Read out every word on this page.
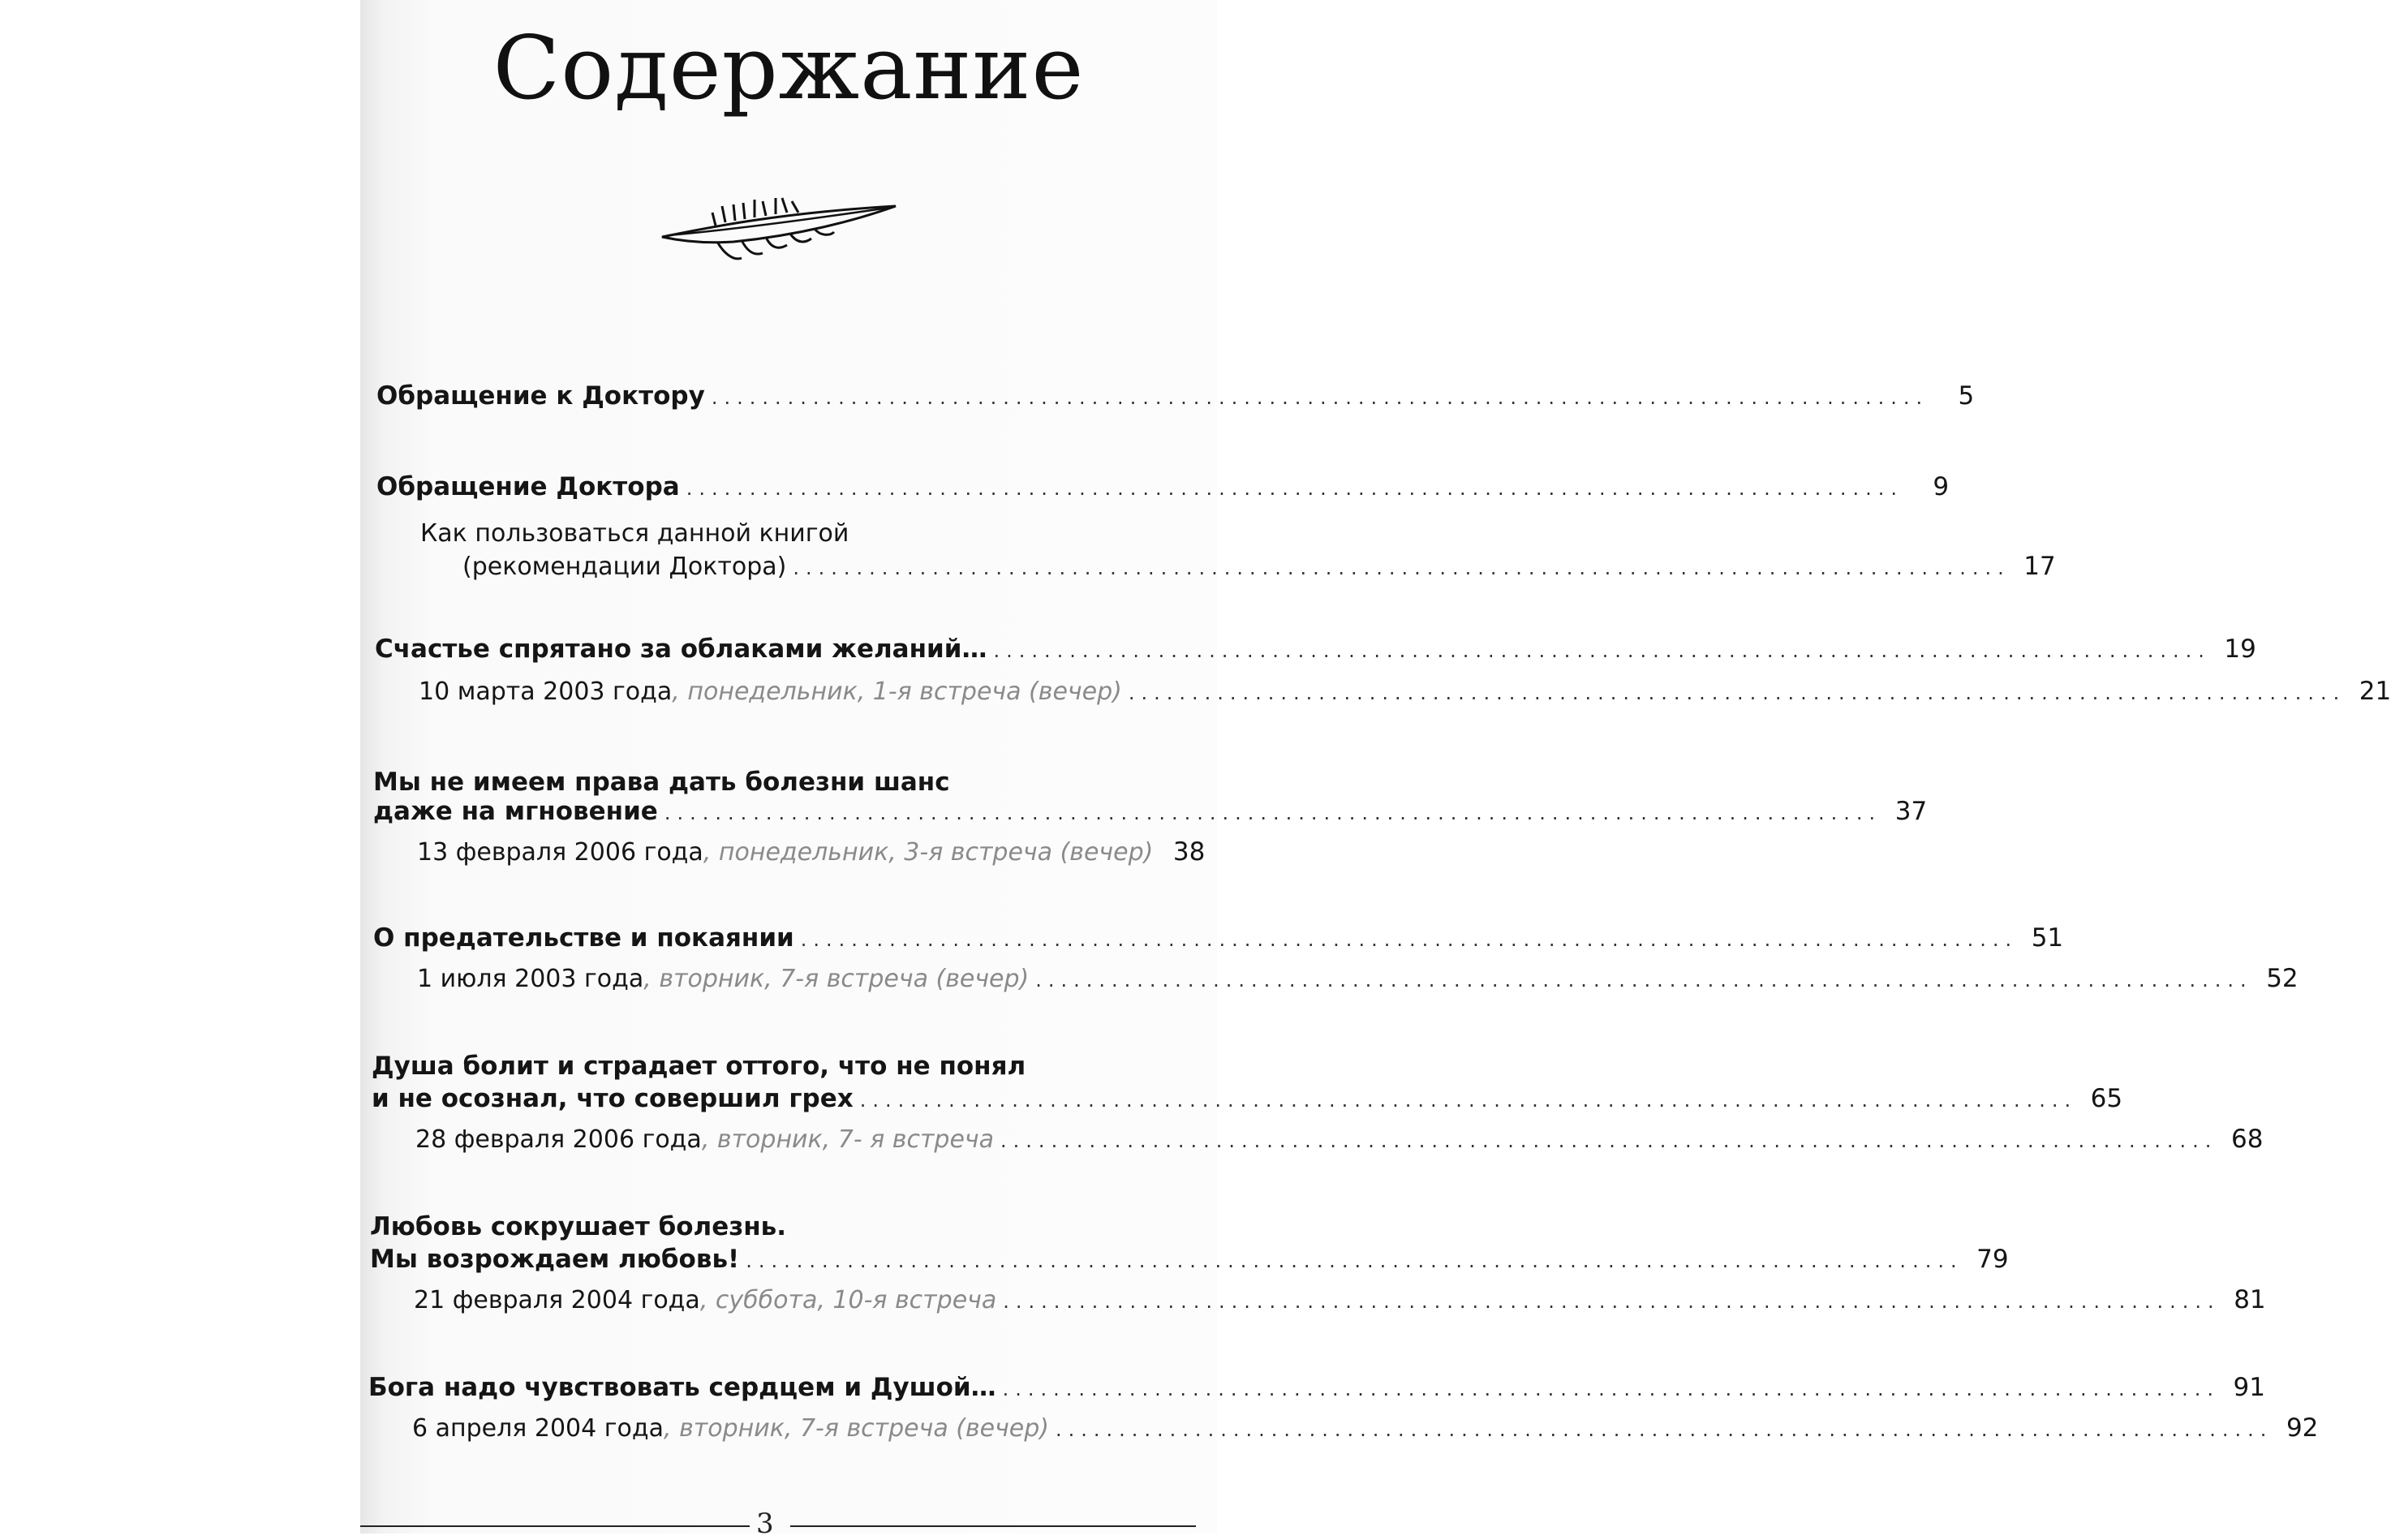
Содержание
Обращение к Доктору ................................................................................................	5
Обращение Доктора ................................................................................................	9
Как пользоваться данной книгой
(рекомендации Доктора) ................................................................................................ 17
Счастье спрятано за облаками желаний… ................................................................................................ 19
10 марта 2003 года , понедельник, 1-я встреча (вечер) ................................................................................................ 21
Мы не имеем права дать болезни шанс
даже на мгновение ................................................................................................ 37
13 февраля 2006 года , понедельник, 3-я встреча (вечер) 38
О предательстве и покаянии ................................................................................................ 51
1 июля 2003 года , вторник, 7-я встреча (вечер) ................................................................................................ 52
Душа болит и страдает оттого, что не понял
и не осознал, что совершил грех ................................................................................................ 65
28 февраля 2006 года , вторник, 7- я встреча ................................................................................................ 68
Любовь сокрушает болезнь.
Мы возрождаем любовь! ................................................................................................ 79
21 февраля 2004 года , суббота, 10-я встреча ................................................................................................ 81
Бога надо чувствовать сердцем и Душой… ................................................................................................ 91
6 апреля 2004 года , вторник, 7-я встреча (вечер) ................................................................................................ 92
3
